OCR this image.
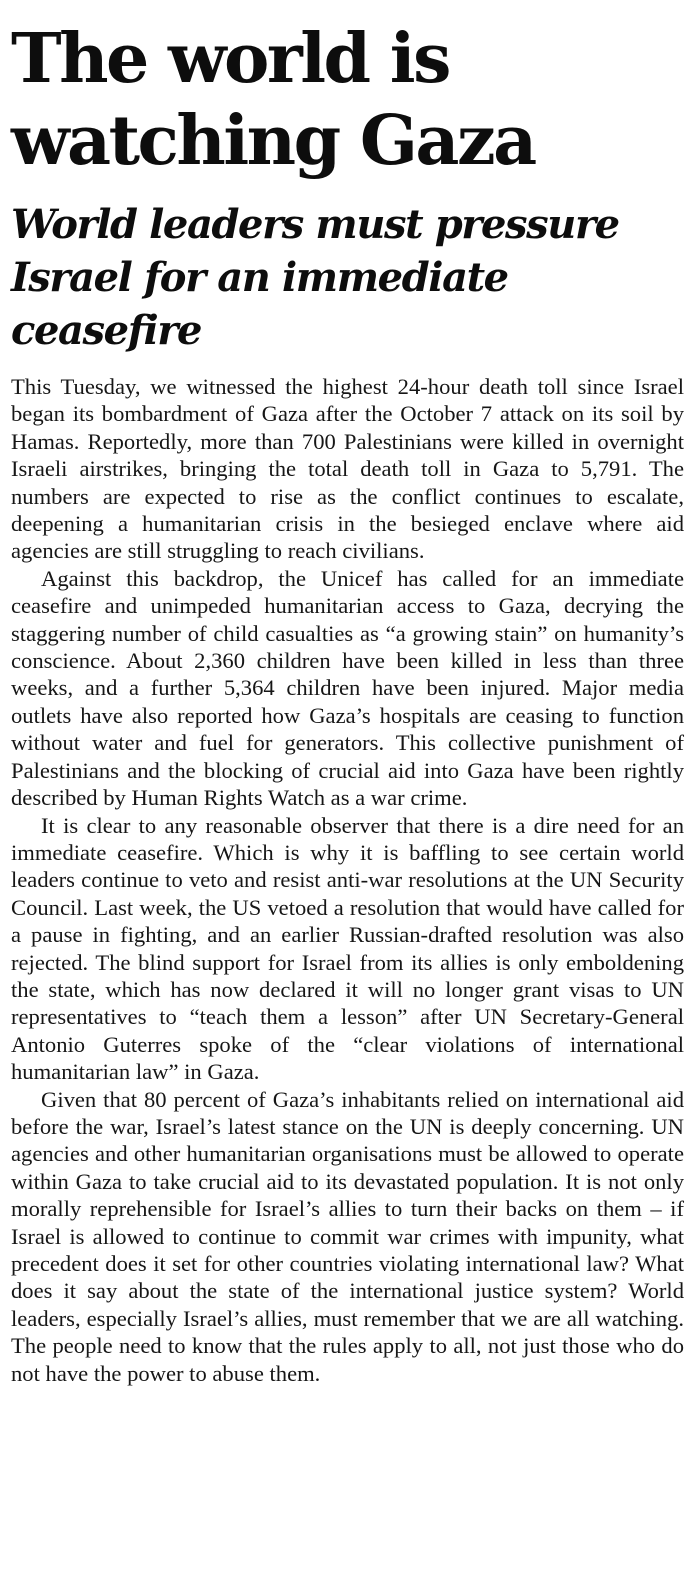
The world is watching Gaza
World leaders must pressure Israel for an immediate ceasefire

This Tuesday, we witnessed the highest 24-hour death toll since Israel began its bombardment of Gaza after the October 7 attack on its soil by Hamas. Reportedly, more than 700 Palestinians were killed in overnight Israeli airstrikes, bringing the total death toll in Gaza to 5,791. The numbers are expected to rise as the conflict continues to escalate, deepening a humanitarian crisis in the besieged enclave where aid agencies are still struggling to reach civilians.

Against this backdrop, the Unicef has called for an immediate ceasefire and unimpeded humanitarian access to Gaza, decrying the staggering number of child casualties as “a growing stain” on humanity’s conscience. About 2,360 children have been killed in less than three weeks, and a further 5,364 children have been injured. Major media outlets have also reported how Gaza’s hospitals are ceasing to function without water and fuel for generators. This collective punishment of Palestinians and the blocking of crucial aid into Gaza have been rightly described by Human Rights Watch as a war crime.

It is clear to any reasonable observer that there is a dire need for an immediate ceasefire. Which is why it is baffling to see certain world leaders continue to veto and resist anti-war resolutions at the UN Security Council. Last week, the US vetoed a resolution that would have called for a pause in fighting, and an earlier Russian-drafted resolution was also rejected. The blind support for Israel from its allies is only emboldening the state, which has now declared it will no longer grant visas to UN representatives to “teach them a lesson” after UN Secretary-General Antonio Guterres spoke of the “clear violations of international humanitarian law” in Gaza.

Given that 80 percent of Gaza’s inhabitants relied on international aid before the war, Israel’s latest stance on the UN is deeply concerning. UN agencies and other humanitarian organisations must be allowed to operate within Gaza to take crucial aid to its devastated population. It is not only morally reprehensible for Israel’s allies to turn their backs on them – if Israel is allowed to continue to commit war crimes with impunity, what precedent does it set for other countries violating international law? What does it say about the state of the international justice system? World leaders, especially Israel’s allies, must remember that we are all watching. The people need to know that the rules apply to all, not just those who do not have the power to abuse them.
